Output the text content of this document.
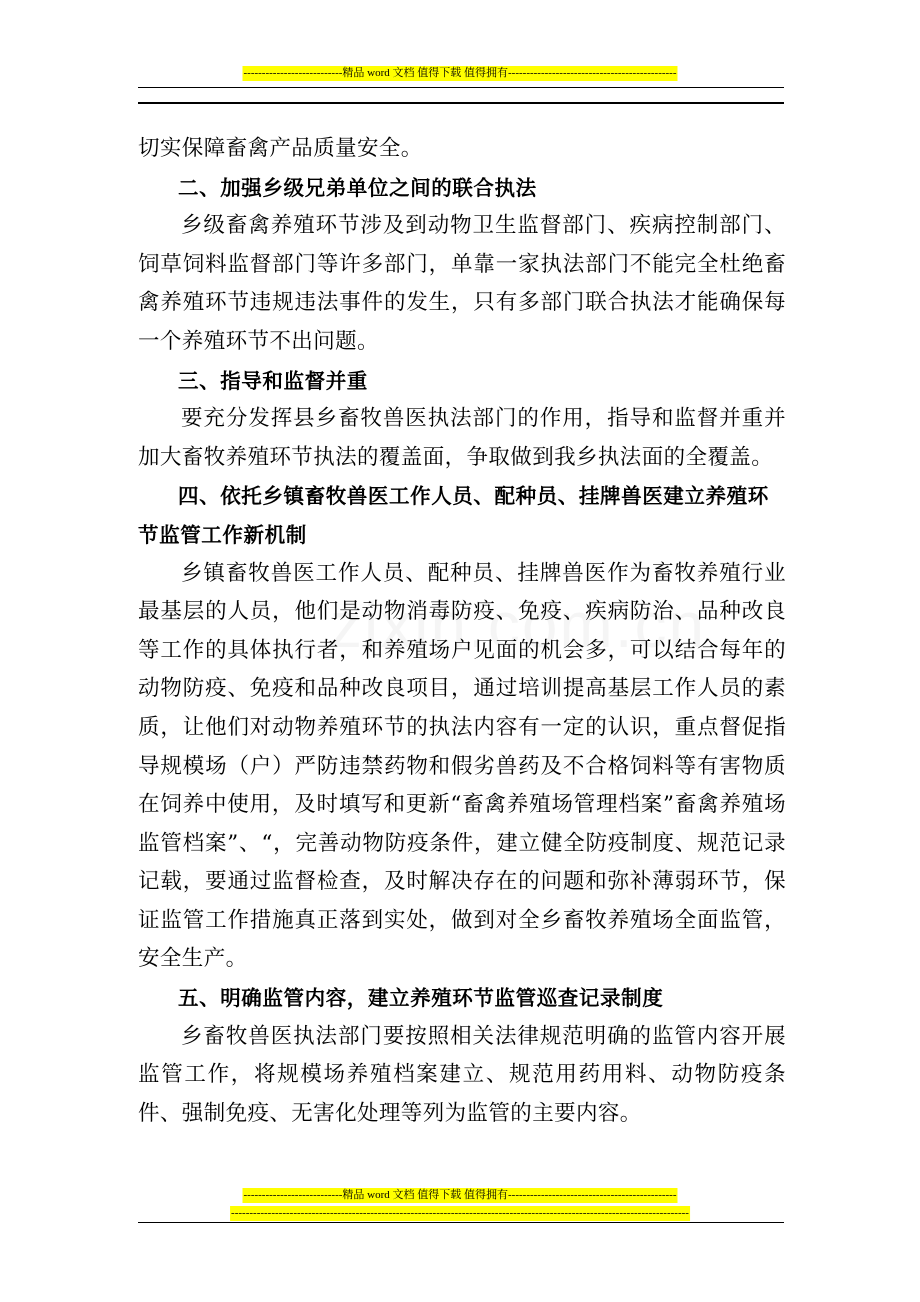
---------------------------精品 word 文档 值得下载 值得拥有----------------------------------------------

切实保障畜禽产品质量安全。

二、加强乡级兄弟单位之间的联合执法

乡级畜禽养殖环节涉及到动物卫生监督部门、疾病控制部门、饲草饲料监督部门等许多部门，单靠一家执法部门不能完全杜绝畜禽养殖环节违规违法事件的发生，只有多部门联合执法才能确保每一个养殖环节不出问题。

三、指导和监督并重

要充分发挥县乡畜牧兽医执法部门的作用，指导和监督并重并加大畜牧养殖环节执法的覆盖面，争取做到我乡执法面的全覆盖。

四、依托乡镇畜牧兽医工作人员、配种员、挂牌兽医建立养殖环节监管工作新机制

乡镇畜牧兽医工作人员、配种员、挂牌兽医作为畜牧养殖行业最基层的人员，他们是动物消毒防疫、免疫、疾病防治、品种改良等工作的具体执行者，和养殖场户见面的机会多，可以结合每年的动物防疫、免疫和品种改良项目，通过培训提高基层工作人员的素质，让他们对动物养殖环节的执法内容有一定的认识，重点督促指导规模场（户）严防违禁药物和假劣兽药及不合格饲料等有害物质在饲养中使用，及时填写和更新“畜禽养殖场管理档案”畜禽养殖场监管档案”、“，完善动物防疫条件，建立健全防疫制度、规范记录记载，要通过监督检查，及时解决存在的问题和弥补薄弱环节，保证监管工作措施真正落到实处，做到对全乡畜牧养殖场全面监管，安全生产。

五、明确监管内容，建立养殖环节监管巡查记录制度

乡畜牧兽医执法部门要按照相关法律规范明确的监管内容开展监管工作，将规模场养殖档案建立、规范用药用料、动物防疫条件、强制免疫、无害化处理等列为监管的主要内容。

---------------------------精品 word 文档 值得下载 值得拥有----------------------------------------------
-----------------------------------------------------------------------------------------------------------------------------
